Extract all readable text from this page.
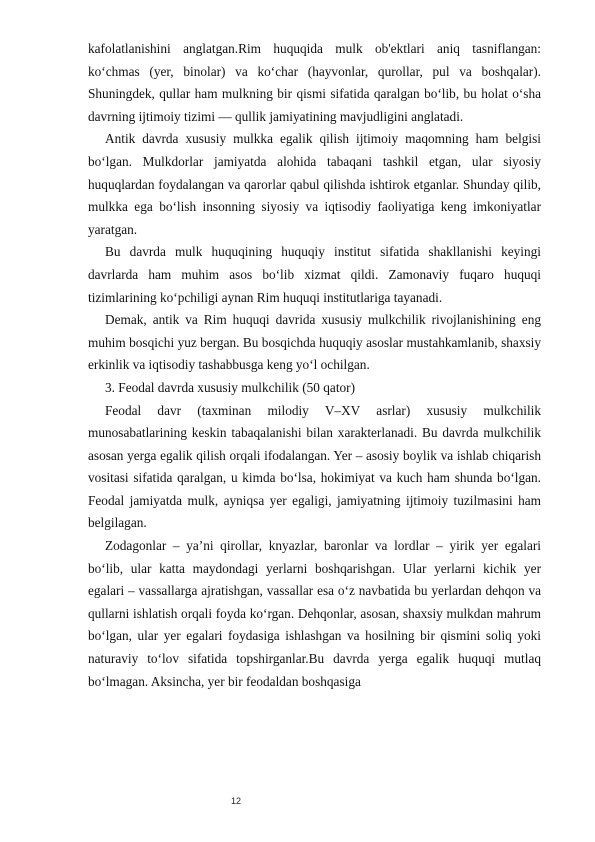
kafolatlanishini anglatgan.Rim huquqida mulk ob'ektlari aniq tasniflangan: ko‘chmas (yer, binolar) va ko‘char (hayvonlar, qurollar, pul va boshqalar). Shuningdek, qullar ham mulkning bir qismi sifatida qaralgan bo‘lib, bu holat o‘sha davrning ijtimoiy tizimi — qullik jamiyatining mavjudligini anglatadi.

Antik davrda xususiy mulkka egalik qilish ijtimoiy maqomning ham belgisi bo‘lgan. Mulkdorlar jamiyatda alohida tabaqani tashkil etgan, ular siyosiy huquqlardan foydalangan va qarorlar qabul qilishda ishtirok etganlar. Shunday qilib, mulkka ega bo‘lish insonning siyosiy va iqtisodiy faoliyatiga keng imkoniyatlar yaratgan.

Bu davrda mulk huquqining huquqiy institut sifatida shakllanishi keyingi davrlarda ham muhim asos bo‘lib xizmat qildi. Zamonaviy fuqaro huquqi tizimlarining ko‘pchiligi aynan Rim huquqi institutlariga tayanadi.

Demak, antik va Rim huquqi davrida xususiy mulkchilik rivojlanishining eng muhim bosqichi yuz bergan. Bu bosqichda huquqiy asoslar mustahkamlanib, shaxsiy erkinlik va iqtisodiy tashabbusga keng yo‘l ochilgan.

3. Feodal davrda xususiy mulkchilik (50 qator)

Feodal davr (taxminan milodiy V–XV asrlar) xususiy mulkchilik munosabatlarining keskin tabaqalanishi bilan xarakterlanadi. Bu davrda mulkchilik asosan yerga egalik qilish orqali ifodalangan. Yer – asosiy boylik va ishlab chiqarish vositasi sifatida qaralgan, u kimda bo‘lsa, hokimiyat va kuch ham shunda bo‘lgan. Feodal jamiyatda mulk, ayniqsa yer egaligi, jamiyatning ijtimoiy tuzilmasini ham belgilagan.

Zodagonlar – ya’ni qirollar, knyazlar, baronlar va lordlar – yirik yer egalari bo‘lib, ular katta maydondagi yerlarni boshqarishgan. Ular yerlarni kichik yer egalari – vassallarga ajratishgan, vassallar esa o‘z navbatida bu yerlardan dehqon va qullarni ishlatish orqali foyda ko‘rgan. Dehqonlar, asosan, shaxsiy mulkdan mahrum bo‘lgan, ular yer egalari foydasiga ishlashgan va hosilning bir qismini soliq yoki naturaviy to‘lov sifatida topshirganlar.Bu davrda yerga egalik huquqi mutlaq bo‘lmagan. Aksincha, yer bir feodaldan boshqasiga

12
